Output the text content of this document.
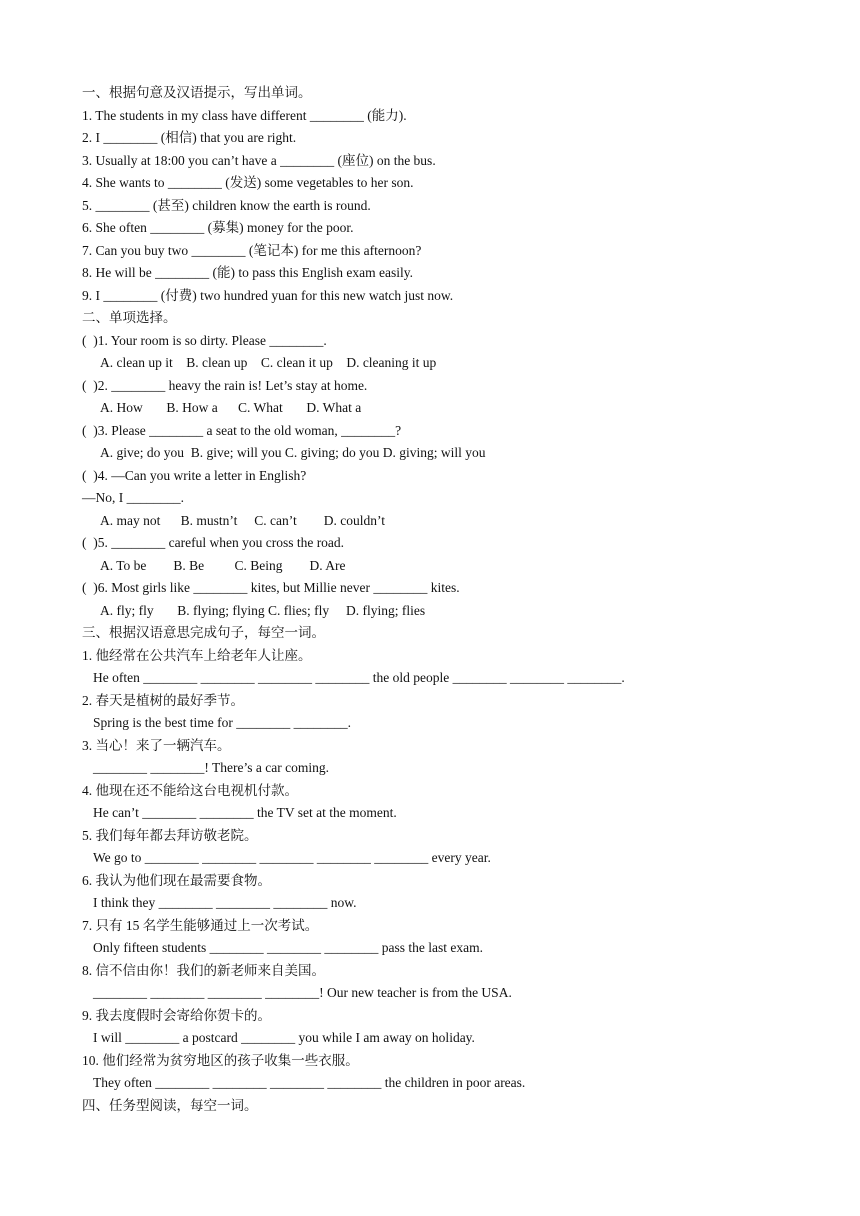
一、根据句意及汉语提示，写出单词。
1. The students in my class have different ________ (能力).
2. I ________ (相信) that you are right.
3. Usually at 18:00 you can’t have a ________ (座位) on the bus.
4. She wants to ________ (发送) some vegetables to her son.
5. ________ (甚至) children know the earth is round.
6. She often ________ (募集) money for the poor.
7. Can you buy two ________ (笔记本) for me this afternoon?
8. He will be ________ (能) to pass this English exam easily.
9. I ________ (付费) two hundred yuan for this new watch just now.
二、单项选择。
(  )1. Your room is so dirty. Please ________.
A. clean up it    B. clean up    C. clean it up    D. cleaning it up
(  )2. ________ heavy the rain is! Let’s stay at home.
A. How       B. How a      C. What       D. What a
(  )3. Please ________ a seat to the old woman, ________?
A. give; do you  B. give; will you C. giving; do you D. giving; will you
(  )4. —Can you write a letter in English?
—No, I ________.
A. may not      B. mustn’t     C. can’t        D. couldn’t
(  )5. ________ careful when you cross the road.
A. To be        B. Be         C. Being        D. Are
(  )6. Most girls like ________ kites, but Millie never ________ kites.
A. fly; fly       B. flying; flying C. flies; fly     D. flying; flies
三、根据汉语意思完成句子，每空一词。
1. 他经常在公共汽车上给老年人让座。
He often ________ ________ ________ ________ the old people ________ ________ ________.
2. 春天是植树的最好季节。
Spring is the best time for ________ ________.
3. 当心！来了一辆汽车。
________ ________! There’s a car coming.
4. 他现在还不能给这台电视机付款。
He can’t ________ ________ the TV set at the moment.
5. 我们每年都去拜访敬老院。
We go to ________ ________ ________ ________ ________ every year.
6. 我认为他们现在最需要食物。
I think they ________ ________ ________ now.
7. 只有 15 名学生能够通过上一次考试。
Only fifteen students ________ ________ ________ pass the last exam.
8. 信不信由你！我们的新老师来自美国。
________ ________ ________ ________! Our new teacher is from the USA.
9. 我去度假时会寄给你贺卡的。
I will ________ a postcard ________ you while I am away on holiday.
10. 他们经常为贫穷地区的孩子收集一些衣服。
They often ________ ________ ________ ________ the children in poor areas.
四、任务型阅读，每空一词。
